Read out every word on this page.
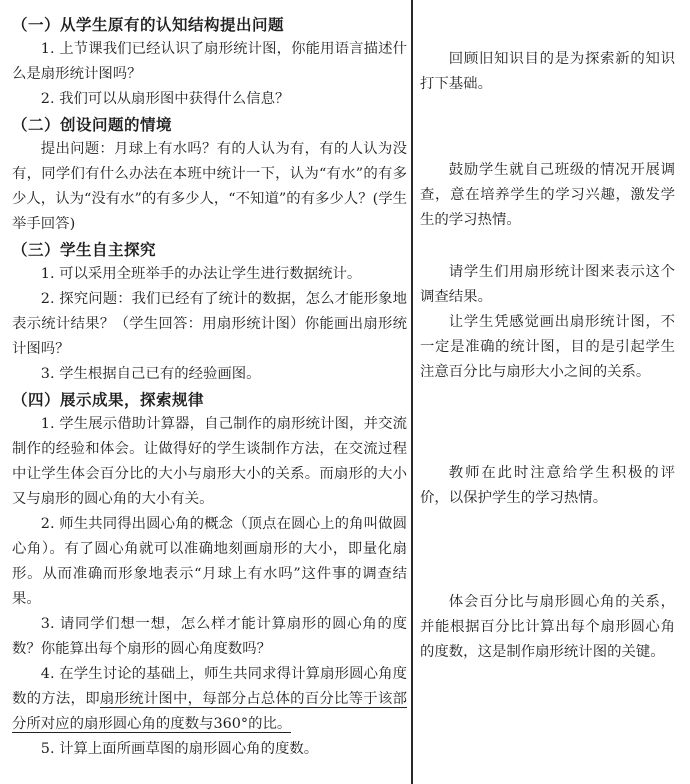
（一）从学生原有的认知结构提出问题
1. 上节课我们已经认识了扇形统计图，你能用语言描述什么是扇形统计图吗？
2. 我们可以从扇形图中获得什么信息？
（二）创设问题的情境
提出问题：月球上有水吗？有的人认为有，有的人认为没有，同学们有什么办法在本班中统计一下，认为“有水”的有多少人，认为“没有水”的有多少人，“不知道”的有多少人？(学生举手回答)
（三）学生自主探究
1. 可以采用全班举手的办法让学生进行数据统计。
2. 探究问题：我们已经有了统计的数据，怎么才能形象地表示统计结果？（学生回答：用扇形统计图）你能画出扇形统计图吗？
3. 学生根据自己已有的经验画图。
（四）展示成果，探索规律
1. 学生展示借助计算器，自己制作的扇形统计图，并交流制作的经验和体会。让做得好的学生谈制作方法，在交流过程中让学生体会百分比的大小与扇形大小的关系。而扇形的大小又与扇形的圆心角的大小有关。
2. 师生共同得出圆心角的概念（顶点在圆心上的角叫做圆心角）。有了圆心角就可以准确地刻画扇形的大小，即量化扇形。从而准确而形象地表示“月球上有水吗”这件事的调查结果。
3. 请同学们想一想，怎么样才能计算扇形的圆心角的度数？你能算出每个扇形的圆心角度数吗？
4. 在学生讨论的基础上，师生共同求得计算扇形圆心角度数的方法，即扇形统计图中，每部分占总体的百分比等于该部分所对应的扇形圆心角的度数与360°的比。
5. 计算上面所画草图的扇形圆心角的度数。
回顾旧知识目的是为探索新的知识打下基础。
鼓励学生就自己班级的情况开展调查，意在培养学生的学习兴趣，激发学生的学习热情。
请学生们用扇形统计图来表示这个调查结果。
让学生凭感觉画出扇形统计图，不一定是准确的统计图，目的是引起学生注意百分比与扇形大小之间的关系。
教师在此时注意给学生积极的评价，以保护学生的学习热情。
体会百分比与扇形圆心角的关系，并能根据百分比计算出每个扇形圆心角的度数，这是制作扇形统计图的关键。
